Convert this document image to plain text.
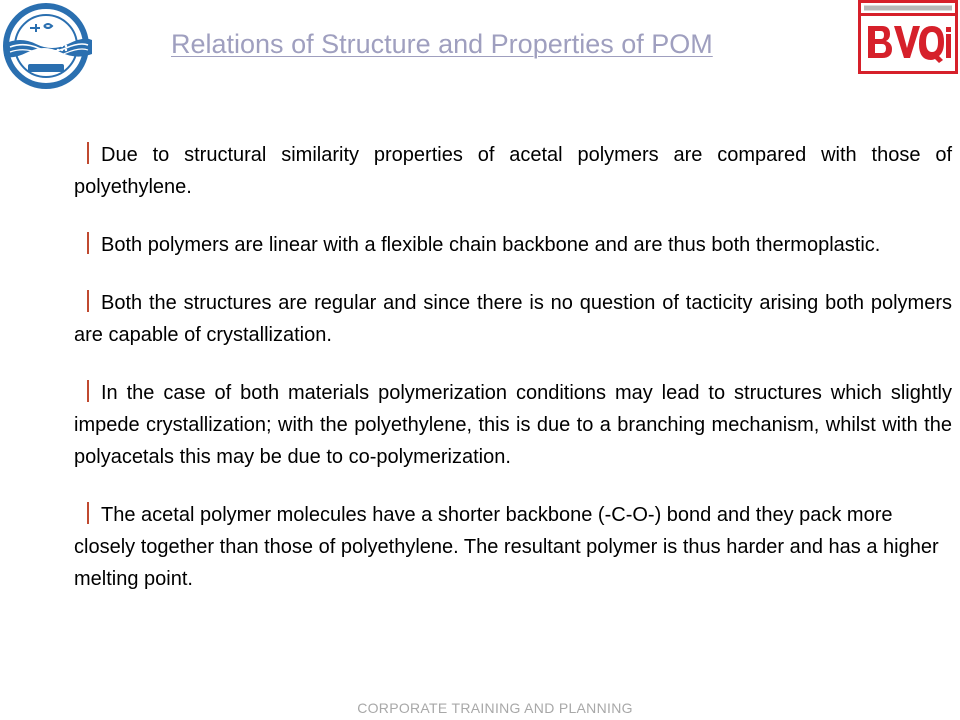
Relations of Structure and Properties of POM

Due to structural similarity properties of acetal polymers are compared with those of polyethylene.

Both polymers are linear with a flexible chain backbone and are thus both thermoplastic.

Both the structures are regular and since there is no question of tacticity arising both polymers are capable of crystallization.

In the case of both materials polymerization conditions may lead to structures which slightly impede crystallization; with the polyethylene, this is due to a branching mechanism, whilst with the polyacetals this may be due to co-polymerization.

The acetal polymer molecules have a shorter backbone (-C-O-) bond and they pack more closely together than those of polyethylene. The resultant polymer is thus harder and has a higher melting point.

CORPORATE TRAINING AND PLANNING
